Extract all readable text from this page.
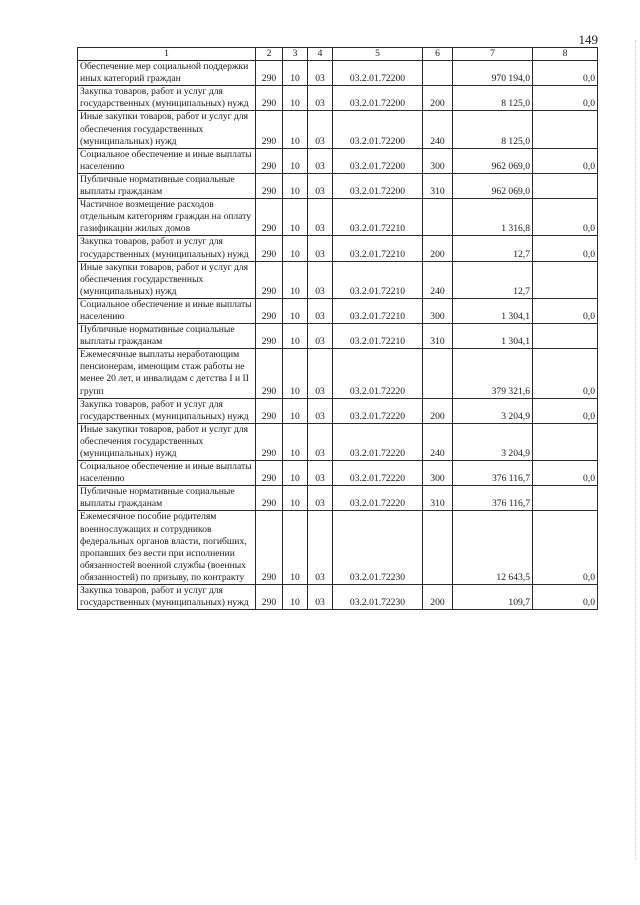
149
1	2	3	4	5	6	7	8
Обеспечение мер социальной поддержки иных категорий граждан	290	10	03	03.2.01.72200		970 194,0	0,0
Закупка товаров, работ и услуг для государственных (муниципальных) нужд	290	10	03	03.2.01.72200	200	8 125,0	0,0
Иные закупки товаров, работ и услуг для обеспечения государственных (муниципальных) нужд	290	10	03	03.2.01.72200	240	8 125,0	
Социальное обеспечение и иные выплаты населению	290	10	03	03.2.01.72200	300	962 069,0	0,0
Публичные нормативные социальные выплаты гражданам	290	10	03	03.2.01.72200	310	962 069,0	
Частичное возмещение расходов отдельным категориям граждан на оплату газификации жилых домов	290	10	03	03.2.01.72210		1 316,8	0,0
Закупка товаров, работ и услуг для государственных (муниципальных) нужд	290	10	03	03.2.01.72210	200	12,7	0,0
Иные закупки товаров, работ и услуг для обеспечения государственных (муниципальных) нужд	290	10	03	03.2.01.72210	240	12,7	
Социальное обеспечение и иные выплаты населению	290	10	03	03.2.01.72210	300	1 304,1	0,0
Публичные нормативные социальные выплаты гражданам	290	10	03	03.2.01.72210	310	1 304,1	
Ежемесячные выплаты неработающим пенсионерам, имеющим стаж работы не менее 20 лет, и инвалидам с детства I и II групп	290	10	03	03.2.01.72220		379 321,6	0,0
Закупка товаров, работ и услуг для государственных (муниципальных) нужд	290	10	03	03.2.01.72220	200	3 204,9	0,0
Иные закупки товаров, работ и услуг для обеспечения государственных (муниципальных) нужд	290	10	03	03.2.01.72220	240	3 204,9	
Социальное обеспечение и иные выплаты населению	290	10	03	03.2.01.72220	300	376 116,7	0,0
Публичные нормативные социальные выплаты гражданам	290	10	03	03.2.01.72220	310	376 116,7	
Ежемесячное пособие родителям военнослужащих и сотрудников федеральных органов власти, погибших, пропавших без вести при исполнении обязанностей военной службы (военных обязанностей) по призыву, по контракту	290	10	03	03.2.01.72230		12 643,5	0,0
Закупка товаров, работ и услуг для государственных (муниципальных) нужд	290	10	03	03.2.01.72230	200	109,7	0,0
